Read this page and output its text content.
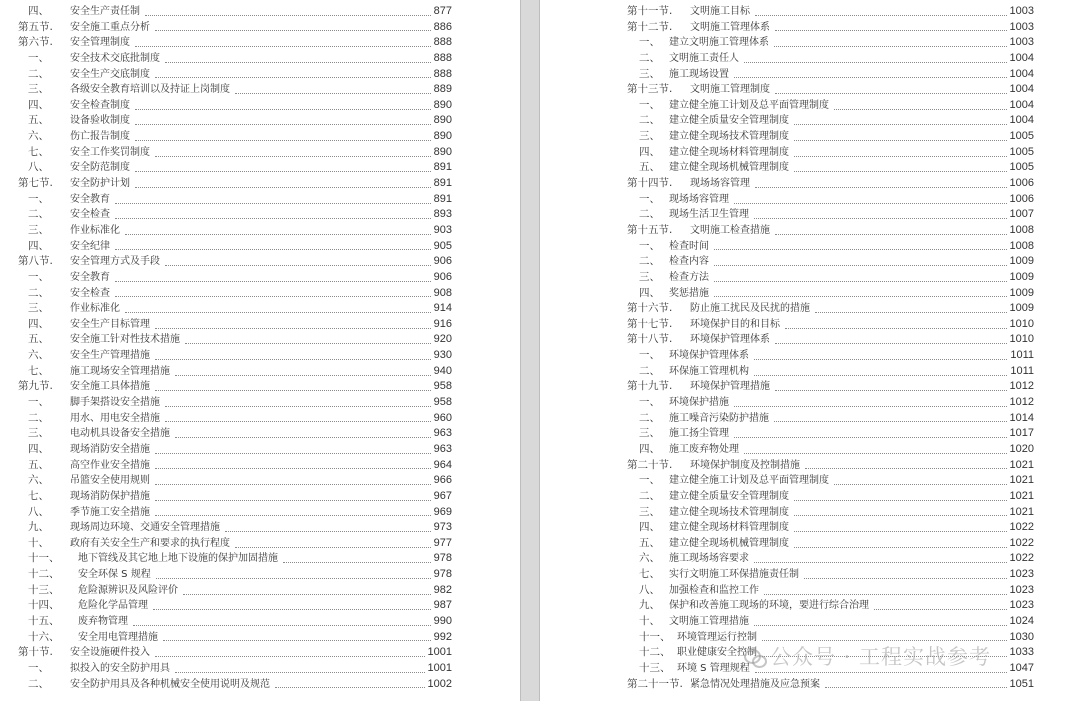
四、	安全生产责任制	877
第五节.	安全施工重点分析	886
第六节.	安全管理制度	888
一、	安全技术交底批制度	888
二、	安全生产交底制度	888
三、	各级安全教育培训以及持证上岗制度	889
四、	安全检查制度	890
五、	设备验收制度	890
六、	伤亡报告制度	890
七、	安全工作奖罚制度	890
八、	安全防范制度	891
第七节.	安全防护计划	891
一、	安全教育	891
二、	安全检查	893
三、	作业标准化	903
四、	安全纪律	905
第八节.	安全管理方式及手段	906
一、	安全教育	906
二、	安全检查	908
三、	作业标准化	914
四、	安全生产目标管理	916
五、	安全施工针对性技术措施	920
六、	安全生产管理措施	930
七、	施工现场安全管理措施	940
第九节.	安全施工具体措施	958
一、	脚手架搭设安全措施	958
二、	用水、用电安全措施	960
三、	电动机具设备安全措施	963
四、	现场消防安全措施	963
五、	高空作业安全措施	964
六、	吊篮安全使用规则	966
七、	现场消防保护措施	967
八、	季节施工安全措施	969
九、	现场周边环境、交通安全管理措施	973
十、	政府有关安全生产和要求的执行程度	977
十一、	地下管线及其它地上地下设施的保护加固措施	978
十二、	安全环保 S 规程	978
十三、	危险源辨识及风险评价	982
十四、	危险化学品管理	987
十五、	废弃物管理	990
十六、	安全用电管理措施	992
第十节.	安全设施硬件投入	1001
一、	拟投入的安全防护用具	1001
二、	安全防护用具及各种机械安全使用说明及规范	1002
第十一节.	文明施工目标	1003
第十二节.	文明施工管理体系	1003
一、 建立文明施工管理体系	1003
二、 文明施工责任人	1004
三、 施工现场设置	1004
第十三节.	文明施工管理制度	1004
一、 建立健全施工计划及总平面管理制度	1004
二、 建立健全质量安全管理制度	1004
三、 建立健全现场技术管理制度	1005
四、 建立健全现场材料管理制度	1005
五、 建立健全现场机械管理制度	1005
第十四节.	现场场容管理	1006
一、 现场场容管理	1006
二、 现场生活卫生管理	1007
第十五节.	文明施工检查措施	1008
一、 检查时间	1008
二、 检查内容	1009
三、 检查方法	1009
四、 奖惩措施	1009
第十六节.	防止施工扰民及民扰的措施	1009
第十七节.	环境保护目的和目标	1010
第十八节.	环境保护管理体系	1010
一、 环境保护管理体系	1011
二、 环保施工管理机构	1011
第十九节.	环境保护管理措施	1012
一、 环境保护措施	1012
二、 施工噪音污染防护措施	1014
三、 施工扬尘管理	1017
四、 施工废弃物处理	1020
第二十节.	环境保护制度及控制措施	1021
一、 建立健全施工计划及总平面管理制度	1021
二、 建立健全质量安全管理制度	1021
三、 建立健全现场技术管理制度	1021
四、 建立健全现场材料管理制度	1022
五、 建立健全现场机械管理制度	1022
六、 施工现场场容要求	1022
七、 实行文明施工环保措施责任制	1023
八、 加强检查和监控工作	1023
九、 保护和改善施工现场的环境，要进行综合治理	1023
十、 文明施工管理措施	1024
十一、 环境管理运行控制	1030
十二、 职业健康安全控制	1033
十三、 环境 S 管理规程	1047
第二十一节. 紧急情况处理措施及应急预案	1051
公众号 · 工程实战参考
